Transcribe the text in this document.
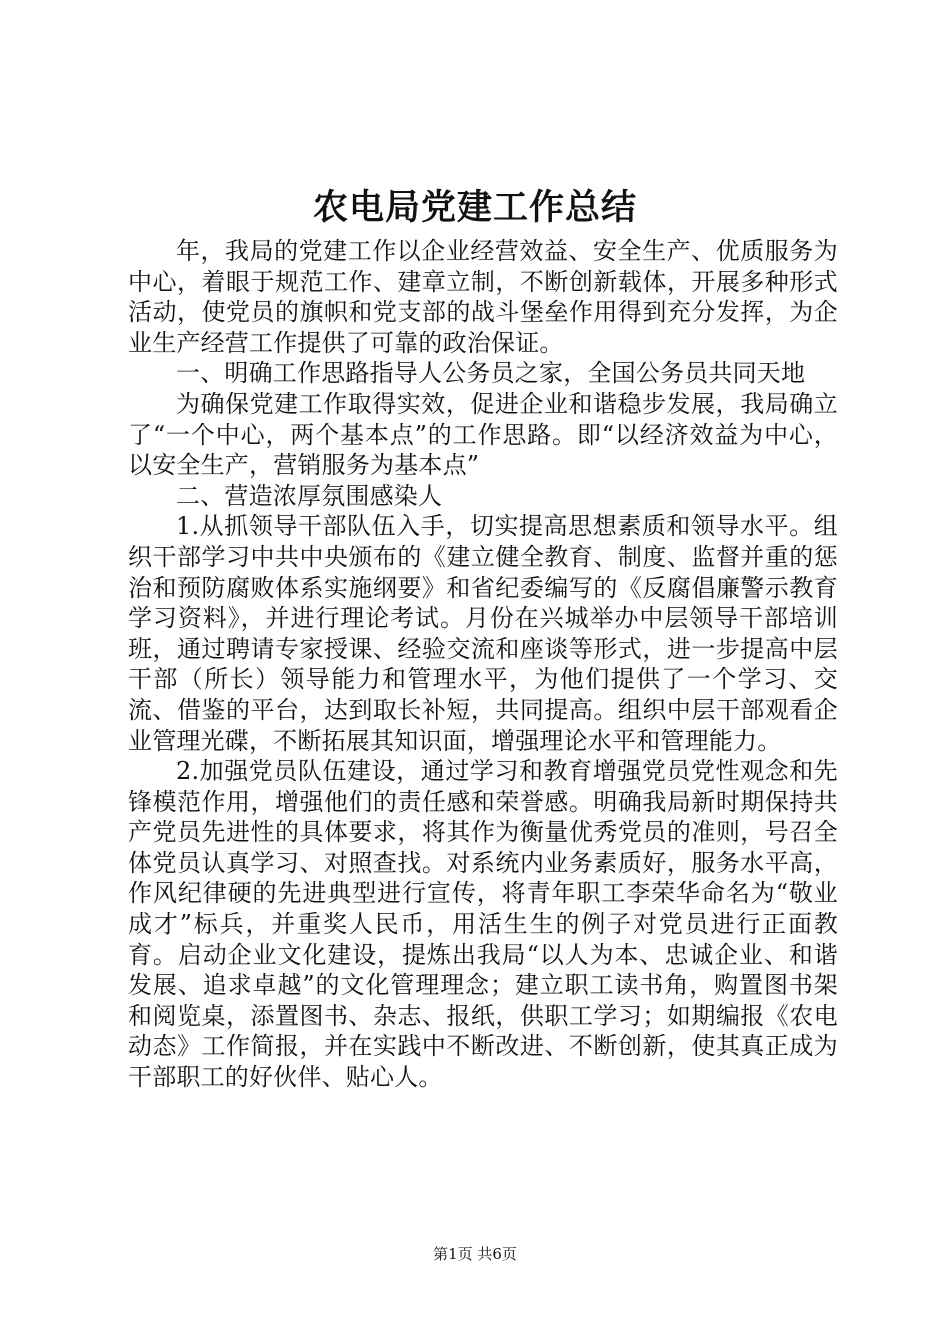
农电局党建工作总结

年，我局的党建工作以企业经营效益、安全生产、优质服务为中心，着眼于规范工作、建章立制，不断创新载体，开展多种形式活动，使党员的旗帜和党支部的战斗堡垒作用得到充分发挥，为企业生产经营工作提供了可靠的政治保证。

一、明确工作思路指导人公务员之家，全国公务员共同天地

为确保党建工作取得实效，促进企业和谐稳步发展，我局确立了“一个中心，两个基本点”的工作思路。即“以经济效益为中心，以安全生产，营销服务为基本点”

二、营造浓厚氛围感染人

1.从抓领导干部队伍入手，切实提高思想素质和领导水平。组织干部学习中共中央颁布的《建立健全教育、制度、监督并重的惩治和预防腐败体系实施纲要》和省纪委编写的《反腐倡廉警示教育学习资料》，并进行理论考试。月份在兴城举办中层领导干部培训班，通过聘请专家授课、经验交流和座谈等形式，进一步提高中层干部（所长）领导能力和管理水平，为他们提供了一个学习、交流、借鉴的平台，达到取长补短，共同提高。组织中层干部观看企业管理光碟，不断拓展其知识面，增强理论水平和管理能力。

2.加强党员队伍建设，通过学习和教育增强党员党性观念和先锋模范作用，增强他们的责任感和荣誉感。明确我局新时期保持共产党员先进性的具体要求，将其作为衡量优秀党员的准则，号召全体党员认真学习、对照查找。对系统内业务素质好，服务水平高，作风纪律硬的先进典型进行宣传，将青年职工李荣华命名为“敬业成才”标兵，并重奖人民币，用活生生的例子对党员进行正面教育。启动企业文化建设，提炼出我局“以人为本、忠诚企业、和谐发展、追求卓越”的文化管理理念；建立职工读书角，购置图书架和阅览桌，添置图书、杂志、报纸，供职工学习；如期编报《农电动态》工作简报，并在实践中不断改进、不断创新，使其真正成为干部职工的好伙伴、贴心人。

第1页 共6页
